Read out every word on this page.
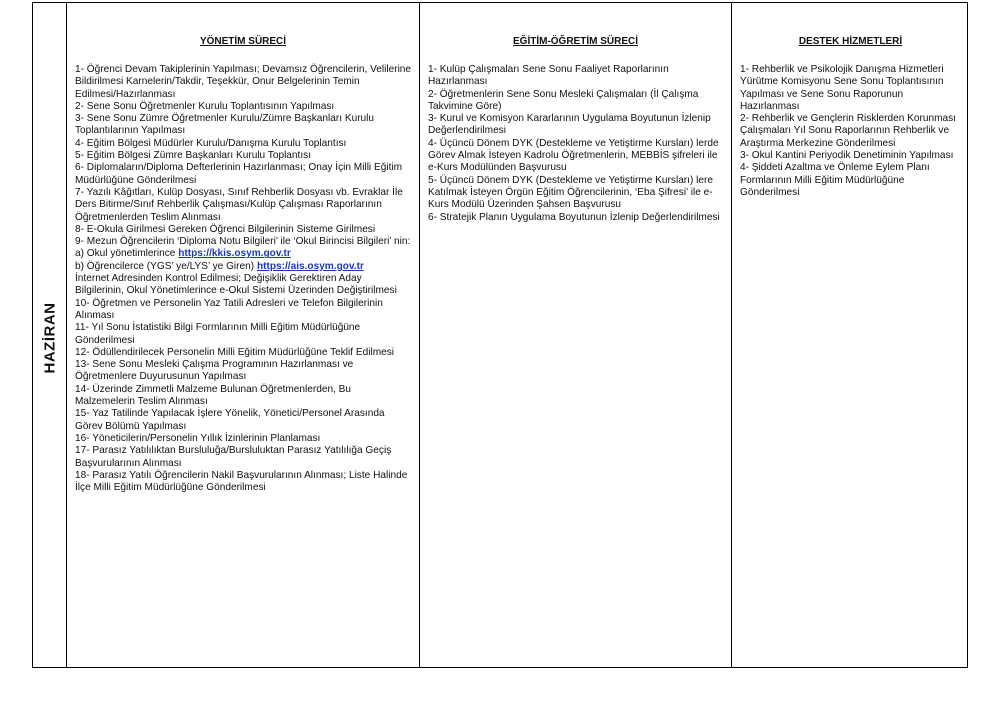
HAZİRAN
YÖNETİM SÜRECİ
1- Öğrenci Devam Takiplerinin Yapılması; Devamsız Öğrencilerin, Velilerine Bildirilmesi Karnelerin/Takdir, Teşekkür, Onur Belgelerinin Temin Edilmesi/Hazırlanması
2- Sene Sonu Öğretmenler Kurulu Toplantısının Yapılması
3- Sene Sonu Zümre Öğretmenler Kurulu/Zümre Başkanları Kurulu Toplantılarının Yapılması
4- Eğitim Bölgesi Müdürler Kurulu/Danışma Kurulu Toplantısı
5- Eğitim Bölgesi Zümre Başkanları Kurulu Toplantısı
6- Diplomaların/Diploma Defterlerinin Hazırlanması; Onay İçin Milli Eğitim Müdürlüğüne Gönderilmesi
7- Yazılı Kâğıtları, Kulüp Dosyası, Sınıf Rehberlik Dosyası vb. Evraklar İle Ders Bitirme/Sınıf Rehberlik Çalışması/Kulüp Çalışması Raporlarının Öğretmenlerden Teslim Alınması
8- E-Okula Girilmesi Gereken Öğrenci Bilgilerinin Sisteme Girilmesi
9- Mezun Öğrencilerin ‘Diploma Notu Bilgileri’ ile ‘Okul Birincisi Bilgileri’ nin:
a) Okul yönetimlerince https://kkis.osym.gov.tr
b) Öğrencilerce (YGS’ ye/LYS’ ye Giren) https://ais.osym.gov.tr
İnternet Adresinden Kontrol Edilmesi; Değişiklik Gerektiren Aday Bilgilerinin, Okul Yönetimlerince e-Okul Sistemi Üzerinden Değiştirilmesi
10- Öğretmen ve Personelin Yaz Tatili Adresleri ve Telefon Bilgilerinin Alınması
11- Yıl Sonu İstatistiki Bilgi Formlarının Milli Eğitim Müdürlüğüne Gönderilmesi
12- Ödüllendirilecek Personelin Milli Eğitim Müdürlüğüne Teklif Edilmesi
13- Sene Sonu Mesleki Çalışma Programının Hazırlanması ve Öğretmenlere Duyurusunun Yapılması
14- Üzerinde Zimmetli Malzeme Bulunan Öğretmenlerden, Bu Malzemelerin Teslim Alınması
15- Yaz Tatilinde Yapılacak İşlere Yönelik, Yönetici/Personel Arasında Görev Bölümü Yapılması
16- Yöneticilerin/Personelin Yıllık İzinlerinin Planlaması
17- Parasız Yatılılıktan Bursluluğa/Bursluluktan Parasız Yatılılığa Geçiş Başvurularının Alınması
18- Parasız Yatılı Öğrencilerin Nakil Başvurularının Alınması; Liste Halinde İlçe Milli Eğitim Müdürlüğüne Gönderilmesi
EĞİTİM-ÖĞRETİM SÜRECİ
1- Kulüp Çalışmaları Sene Sonu Faaliyet Raporlarının Hazırlanması
2- Öğretmenlerin Sene Sonu Mesleki Çalışmaları (İl Çalışma Takvimine Göre)
3- Kurul ve Komisyon Kararlarının Uygulama Boyutunun İzlenip Değerlendirilmesi
4- Üçüncü Dönem DYK (Destekleme ve Yetiştirme Kursları) lerde Görev Almak İsteyen Kadrolu Öğretmenlerin, MEBBİS şifreleri ile e-Kurs Modülünden Başvurusu
5- Üçüncü Dönem DYK (Destekleme ve Yetiştirme Kursları) lere Katılmak İsteyen Örgün Eğitim Öğrencilerinin, ‘Eba Şifresi’ ile e- Kurs Modülü Üzerinden Şahsen Başvurusu
6- Stratejik Planın Uygulama Boyutunun İzlenip Değerlendirilmesi
DESTEK HİZMETLERİ
1- Rehberlik ve Psikolojik Danışma Hizmetleri Yürütme Komisyonu Sene Sonu Toplantısının Yapılması ve Sene Sonu Raporunun Hazırlanması
2- Rehberlik ve Gençlerin Risklerden Korunması Çalışmaları Yıl Sonu Raporlarının Rehberlik ve Araştırma Merkezine Gönderilmesi
3- Okul Kantini Periyodik Denetiminin Yapılması
4- Şiddeti Azaltma ve Önleme Eylem Planı Formlarının Milli Eğitim Müdürlüğüne Gönderilmesi
